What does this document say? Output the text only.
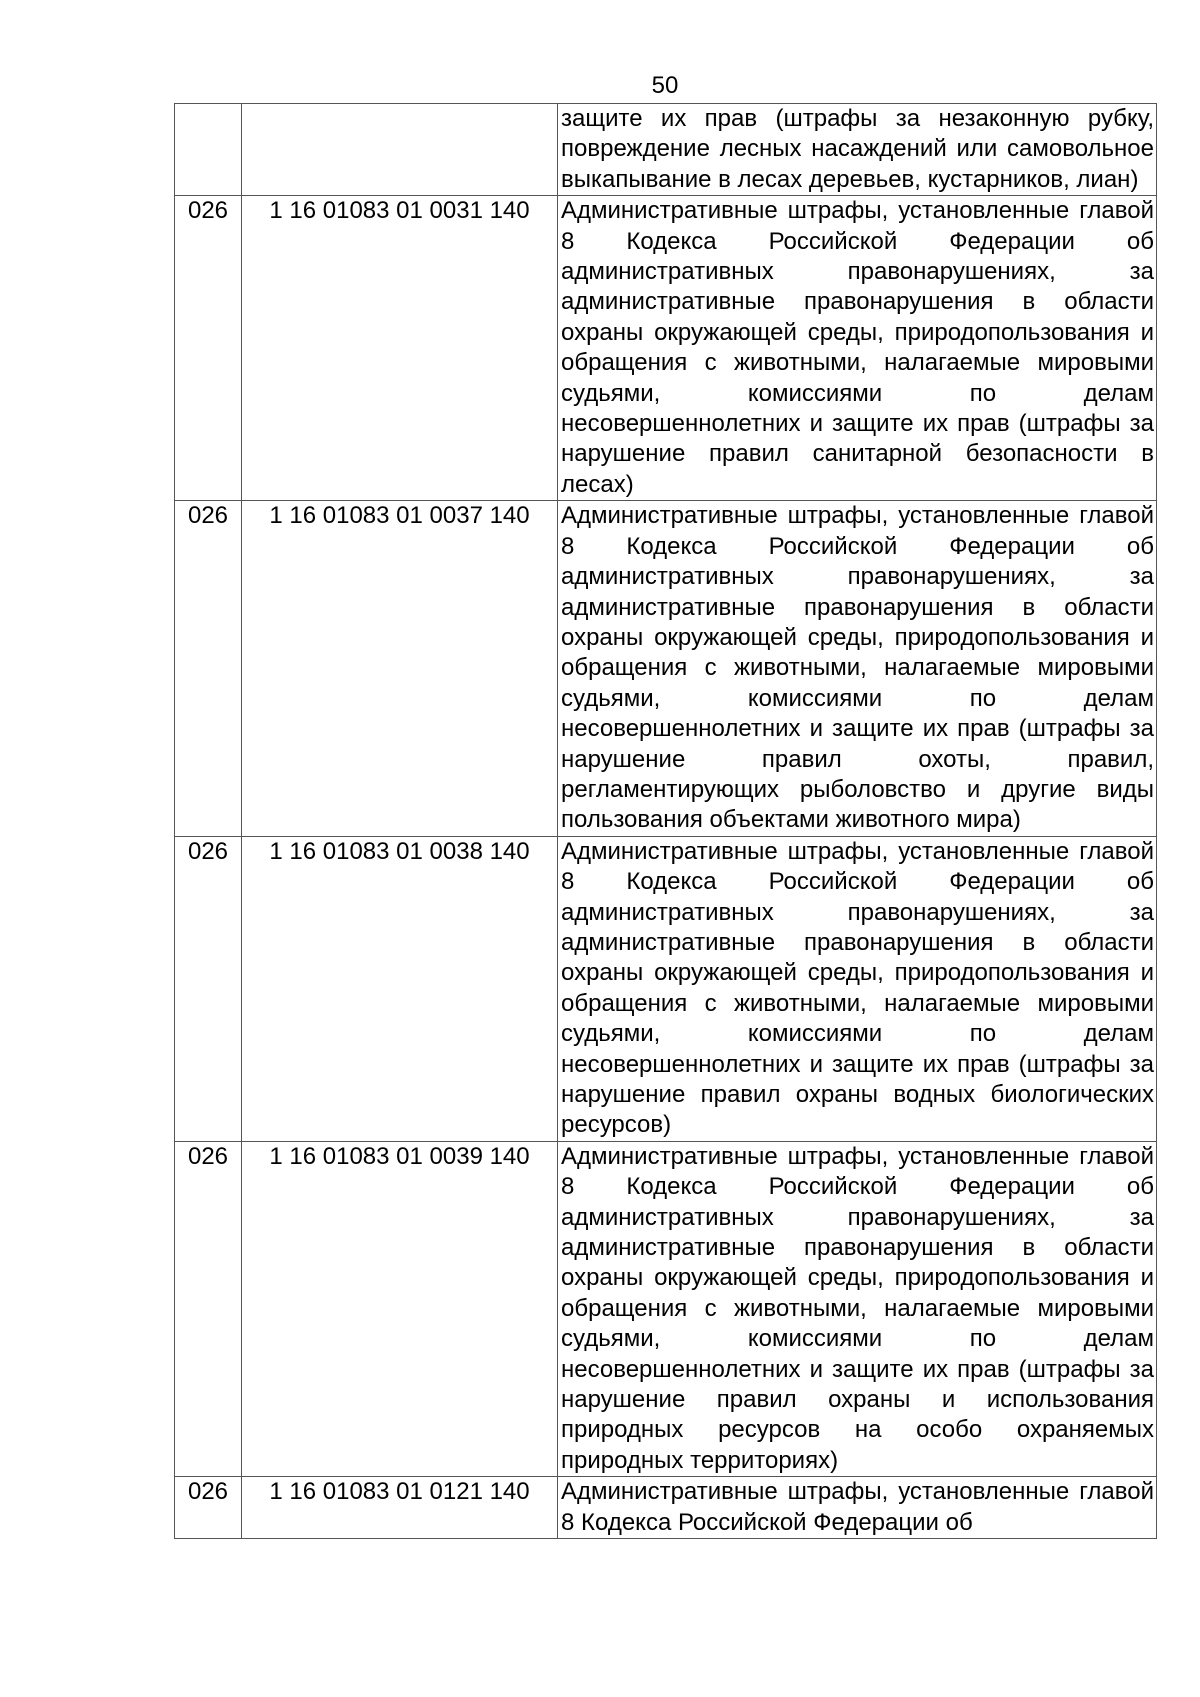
50
		защите их прав (штрафы за незаконную рубку, повреждение лесных насаждений или самовольное выкапывание в лесах деревьев, кустарников, лиан)
026	1 16 01083 01 0031 140	Административные штрафы, установленные главой 8 Кодекса Российской Федерации об административных правонарушениях, за административные правонарушения в области охраны окружающей среды, природопользования и обращения с животными, налагаемые мировыми судьями, комиссиями по делам несовершеннолетних и защите их прав (штрафы за нарушение правил санитарной безопасности в лесах)
026	1 16 01083 01 0037 140	Административные штрафы, установленные главой 8 Кодекса Российской Федерации об административных правонарушениях, за административные правонарушения в области охраны окружающей среды, природопользования и обращения с животными, налагаемые мировыми судьями, комиссиями по делам несовершеннолетних и защите их прав (штрафы за нарушение правил охоты, правил, регламентирующих рыболовство и другие виды пользования объектами животного мира)
026	1 16 01083 01 0038 140	Административные штрафы, установленные главой 8 Кодекса Российской Федерации об административных правонарушениях, за административные правонарушения в области охраны окружающей среды, природопользования и обращения с животными, налагаемые мировыми судьями, комиссиями по делам несовершеннолетних и защите их прав (штрафы за нарушение правил охраны водных биологических ресурсов)
026	1 16 01083 01 0039 140	Административные штрафы, установленные главой 8 Кодекса Российской Федерации об административных правонарушениях, за административные правонарушения в области охраны окружающей среды, природопользования и обращения с животными, налагаемые мировыми судьями, комиссиями по делам несовершеннолетних и защите их прав (штрафы за нарушение правил охраны и использования природных ресурсов на особо охраняемых природных территориях)
026	1 16 01083 01 0121 140	Административные штрафы, установленные главой 8 Кодекса Российской Федерации об
